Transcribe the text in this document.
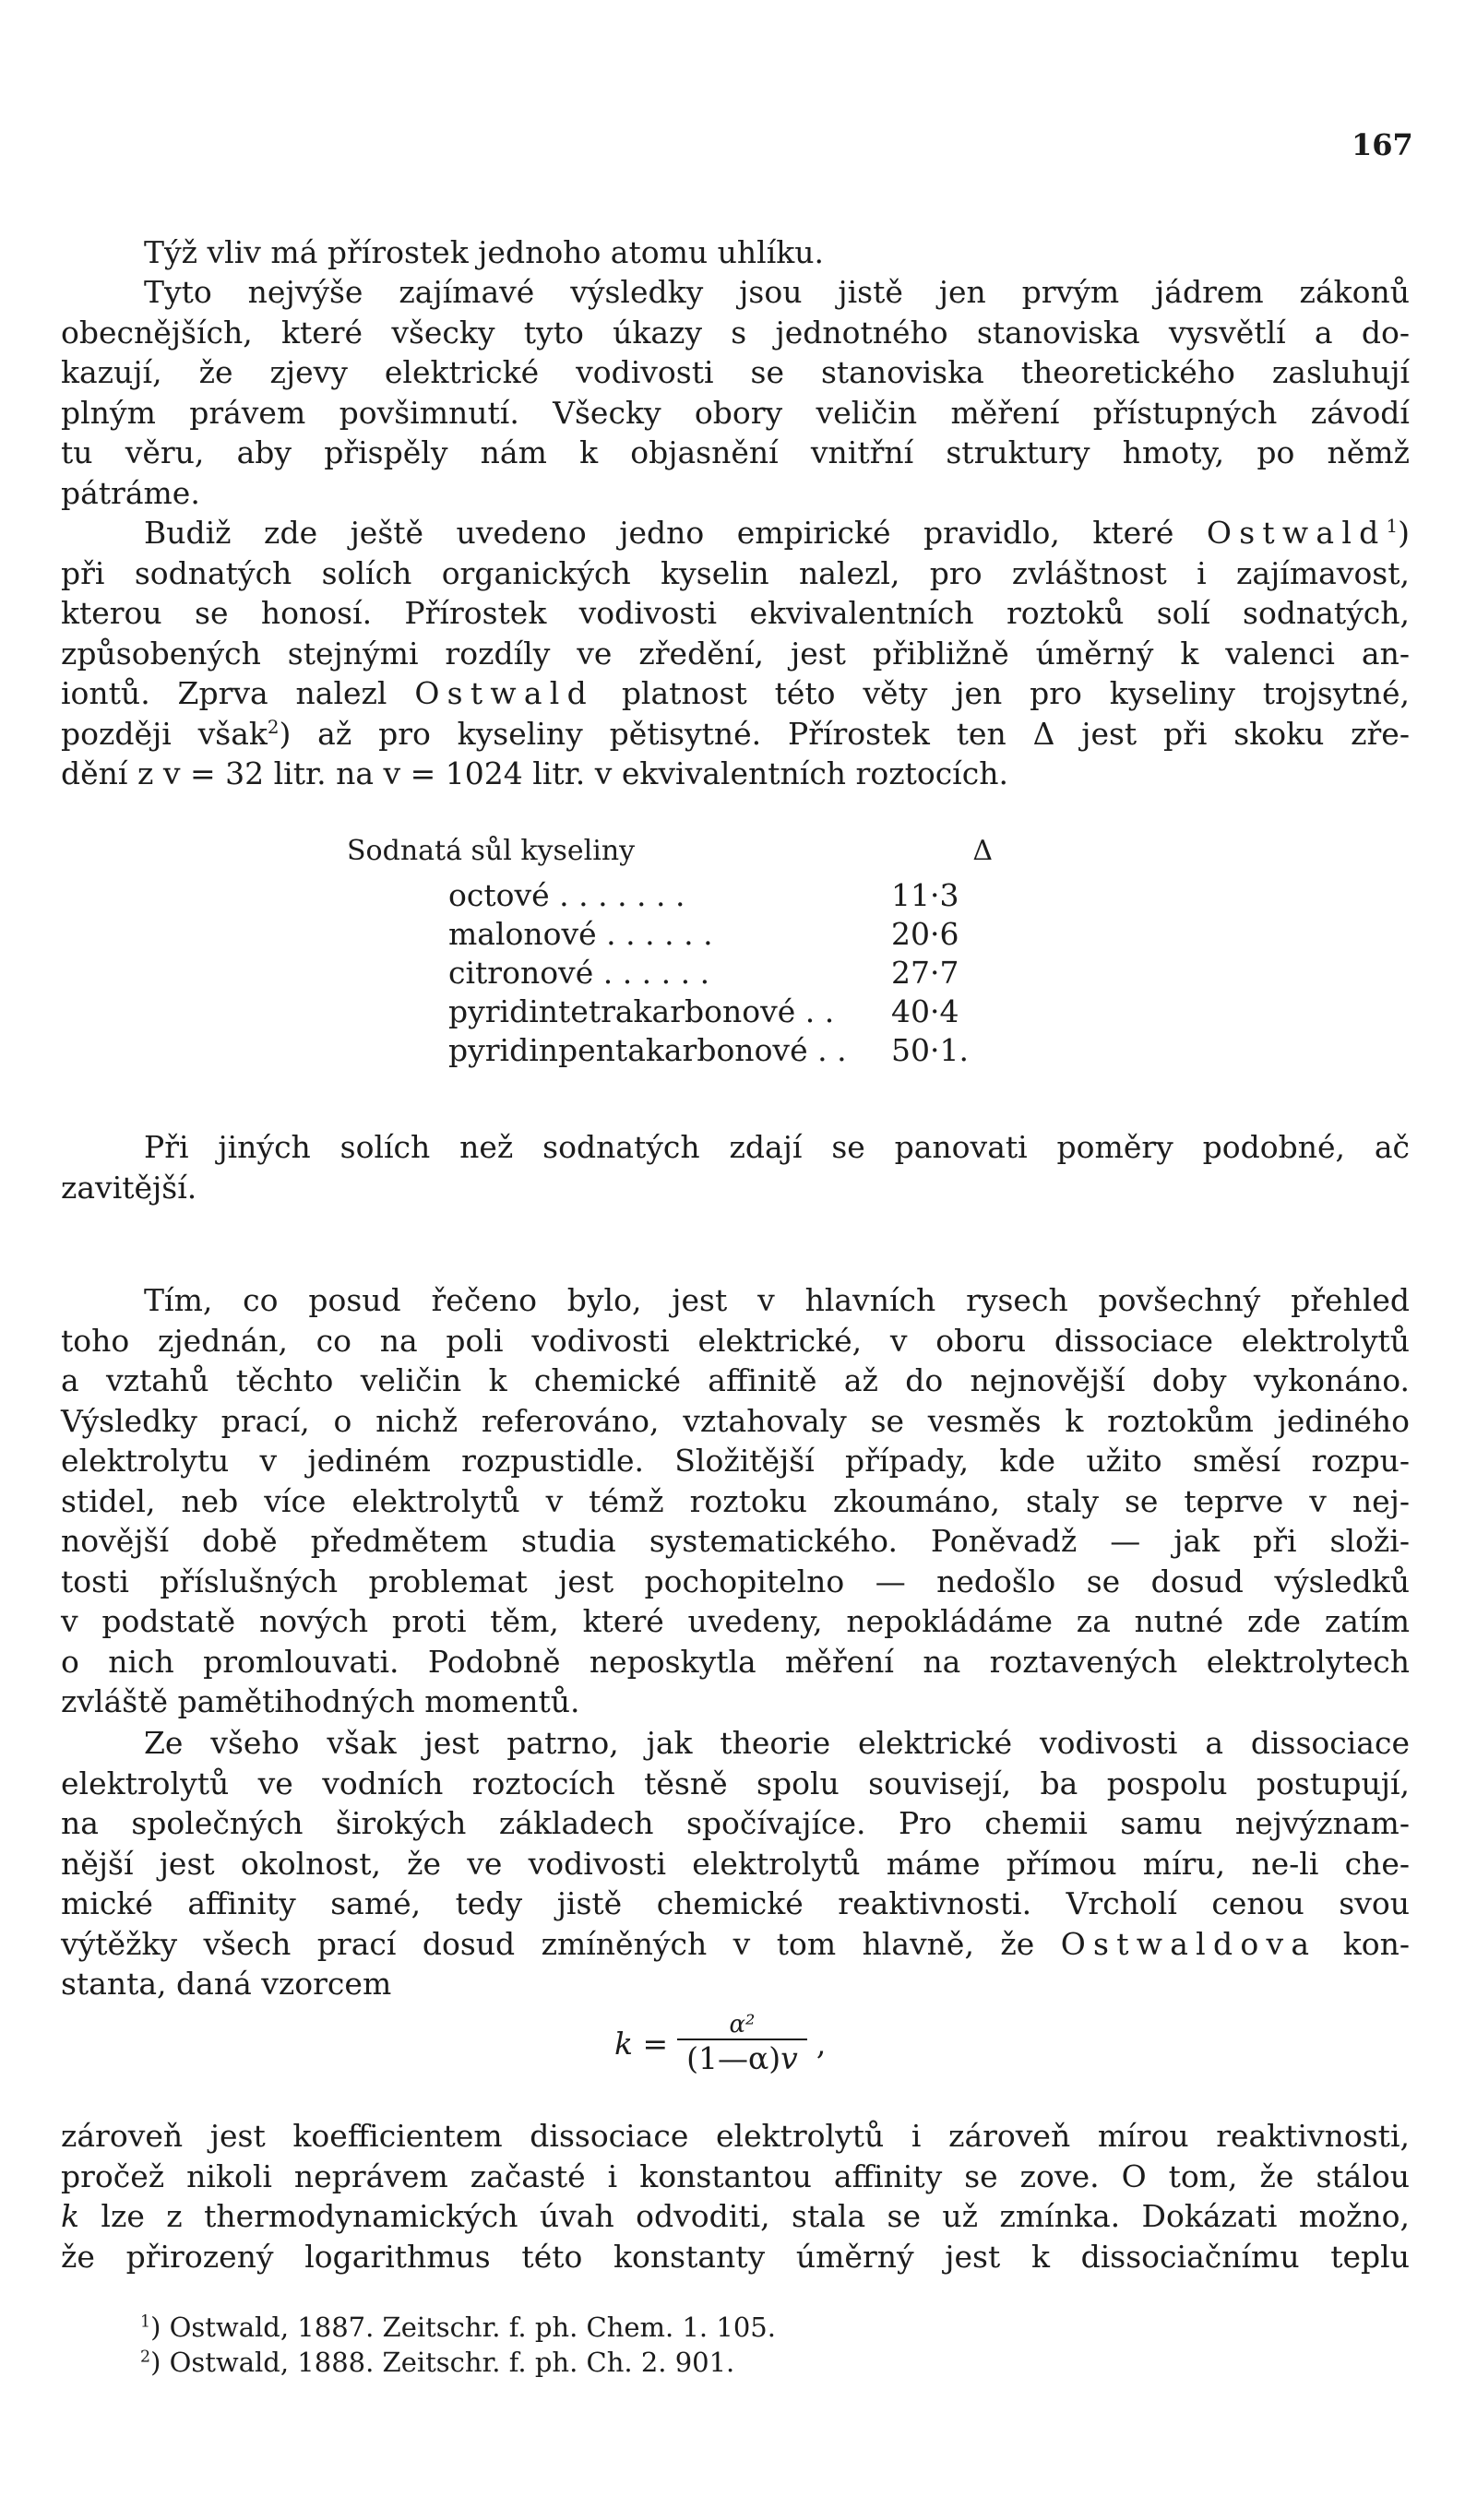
167

Týž vliv má přírostek jednoho atomu uhlíku.

Tyto nejvýše zajímavé výsledky jsou jistě jen prvým jádrem zákonů
obecnějších, které všecky tyto úkazy s jednotného stanoviska vysvětlí a do-
kazují, že zjevy elektrické vodivosti se stanoviska theoretického zasluhují
plným právem povšimnutí. Všecky obory veličin měření přístupných závodí
tu věru, aby přispěly nám k objasnění vnitřní struktury hmoty, po němž
pátráme.

Budiž zde ještě uvedeno jedno empirické pravidlo, které Ostwald$^1$)
při sodnatých solích organických kyselin nalezl, pro zvláštnost i zajímavost,
kterou se honosí. Přírostek vodivosti ekvivalentních roztoků solí sodnatých,
způsobených stejnými rozdíly ve zředění, jest přibližně úměrný k valenci an-
iontů. Zprva nalezl Ostwald platnost této věty jen pro kyseliny trojsytné,
později však$^2$) až pro kyseliny pětisytné. Přírostek ten Δ jest při skoku zře-
dění z v = 32 litr. na v = 1024 litr. v ekvivalentních roztocích.

Sodnatá sůl kyseliny	Δ
octové . . . . . . .	11·3
malonové . . . . . .	20·6
citronové . . . . . .	27·7
pyridintetrakarbonové . .	40·4
pyridinpentakarbonové . .	50·1.

Při jiných solích než sodnatých zdají se panovati poměry podobné, ač
zavitější.

Tím, co posud řečeno bylo, jest v hlavních rysech povšechný přehled
toho zjednán, co na poli vodivosti elektrické, v oboru dissociace elektrolytů
a vztahů těchto veličin k chemické affinitě až do nejnovější doby vykonáno.
Výsledky prací, o nichž referováno, vztahovaly se vesměs k roztokům jediného
elektrolytu v jediném rozpustidle. Složitější případy, kde užito směsí rozpu-
stidel, neb více elektrolytů v témž roztoku zkoumáno, staly se teprve v nej-
novější době předmětem studia systematického. Poněvadž — jak při složi-
tosti příslušných problemat jest pochopitelno — nedošlo se dosud výsledků
v podstatě nových proti těm, které uvedeny, nepokládáme za nutné zde zatím
o nich promlouvati. Podobně neposkytla měření na roztavených elektrolytech
zvláště pamětihodných momentů.

Ze všeho však jest patrno, jak theorie elektrické vodivosti a dissociace
elektrolytů ve vodních roztocích těsně spolu souvisejí, ba pospolu postupují,
na společných širokých základech spočívajíce. Pro chemii samu nejvýznam-
nější jest okolnost, že ve vodivosti elektrolytů máme přímou míru, ne-li che-
mické affinity samé, tedy jistě chemické reaktivnosti. Vrcholí cenou svou
výtěžky všech prací dosud zmíněných v tom hlavně, že Ostwaldova kon-
stanta, daná vzorcem

$k = \frac{\text{α²}}{(1—\alpha)v}$ ,

zároveň jest koefficientem dissociace elektrolytů i zároveň mírou reaktivnosti,
pročež nikoli neprávem začasté i konstantou affinity se zove. O tom, že stálou
k lze z thermodynamických úvah odvoditi, stala se už zmínka. Dokázati možno,
že přirozený logarithmus této konstanty úměrný jest k dissociačnímu teplu

$^1$) Ostwald, 1887. Zeitschr. f. ph. Chem. 1. 105.
$^2$) Ostwald, 1888. Zeitschr. f. ph. Ch. 2. 901.
